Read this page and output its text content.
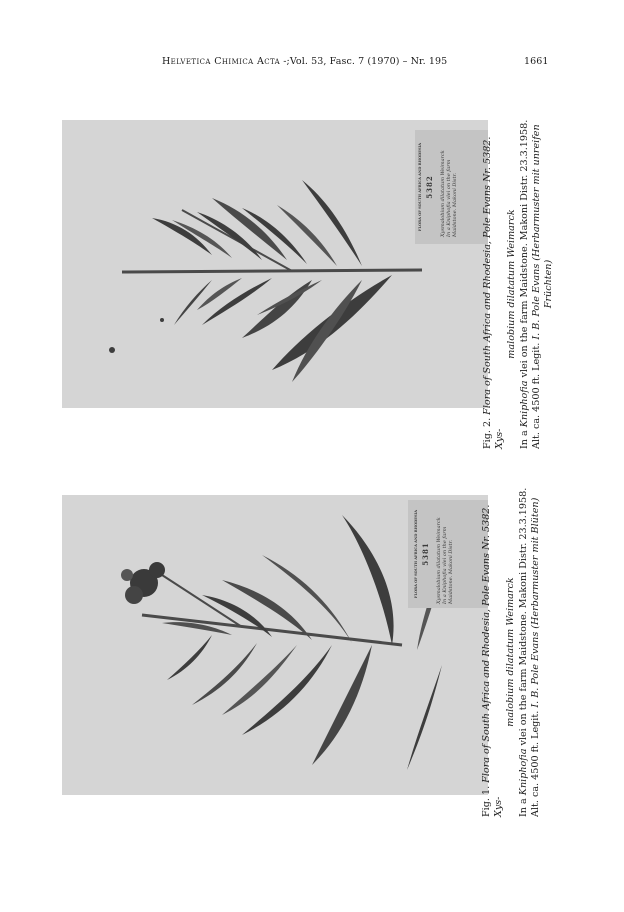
Helvetica Chimica Acta -;Vol. 53, Fasc. 7 (1970) – Nr. 195	1661
FLORA OF SOUTH AFRICA AND RHODESIA 5382 Xysmalobium dilatatum Weimarck In a Kniphofia vlei on the farm Maidstone. Makoni Distr.
FLORA OF SOUTH AFRICA AND RHODESIA 5381 Xysmalobium dilatatum Weimarck In a Kniphofia vlei on the farm Maidstone. Makoni Distr.

Fig. 2. Flora of South Africa and Rhodesia, Pole Evans Nr. 5382. Xys-

malobium dilatatum Weimarck

In a Kniphofia vlei on the farm Maidstone. Makoni Distr. 23.3.1958.

Alt. ca. 4500 ft. Legit. I. B. Pole Evans (Herbarmuster mit unreifen

Früchten)

Fig. 1. Flora of South Africa and Rhodesia, Pole Evans Nr. 5382. Xys-

malobium dilatatum Weimarck

In a Kniphofia vlei on the farm Maidstone. Makoni Distr. 23.3.1958.

Alt. ca. 4500 ft. Legit. I. B. Pole Evans (Herbarmuster mit Blüten)
